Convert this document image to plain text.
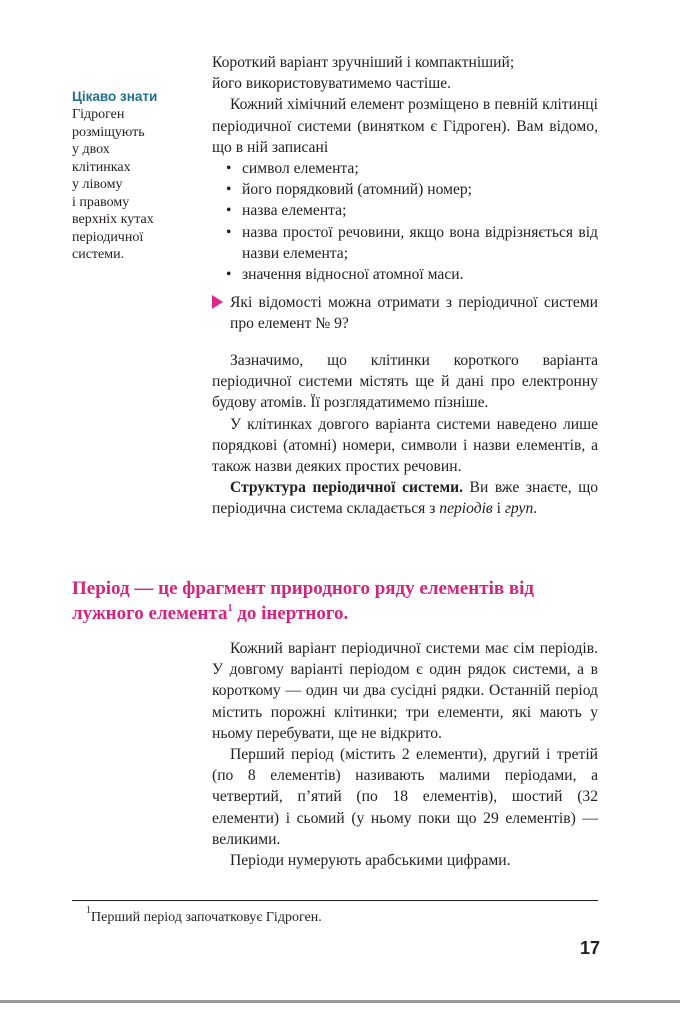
Цікаво знати
Гідроген
розміщують
у двох
клітинках
у лівому
і правому
верхніх кутах
періодичної
системи.
Короткий варіант зручніший і компактніший;
його використовуватимемо частіше.

Кожний хімічний елемент розміщено в певній клітинці періодичної системи (винятком є Гідроген). Вам відомо, що в ній записані

• символ елемента;
• його порядковий (атомний) номер;
• назва елемента;
• назва простої речовини, якщо вона відрізняється від назви елемента;
• значення відносної атомної маси.

Які відомості можна отримати з періодичної системи про елемент № 9?

Зазначимо, що клітинки короткого варіанта періодичної системи містять ще й дані про електронну будову атомів. Її розглядатимемо пізніше.

У клітинках довгого варіанта системи наведено лише порядкові (атомні) номери, символи і назви елементів, а також назви деяких простих речовин.

Структура періодичної системи. Ви вже знаєте, що періодична система складається з періодів і груп.

Період — це фрагмент природного ряду елементів від лужного елемента$^1$ до інертного.

Кожний варіант періодичної системи має сім періодів. У довгому варіанті періодом є один рядок системи, а в короткому — один чи два сусідні рядки. Останній період містить порожні клітинки; три елементи, які мають у ньому перебувати, ще не відкрито.

Перший період (містить 2 елементи), другий і третій (по 8 елементів) називають малими періодами, а четвертий, п’ятий (по 18 елементів), шостий (32 елементи) і сьомий (у ньому поки що 29 елементів) — великими.

Періоди нумерують арабськими цифрами.

$^1$Перший період започатковує Гідроген.
17
